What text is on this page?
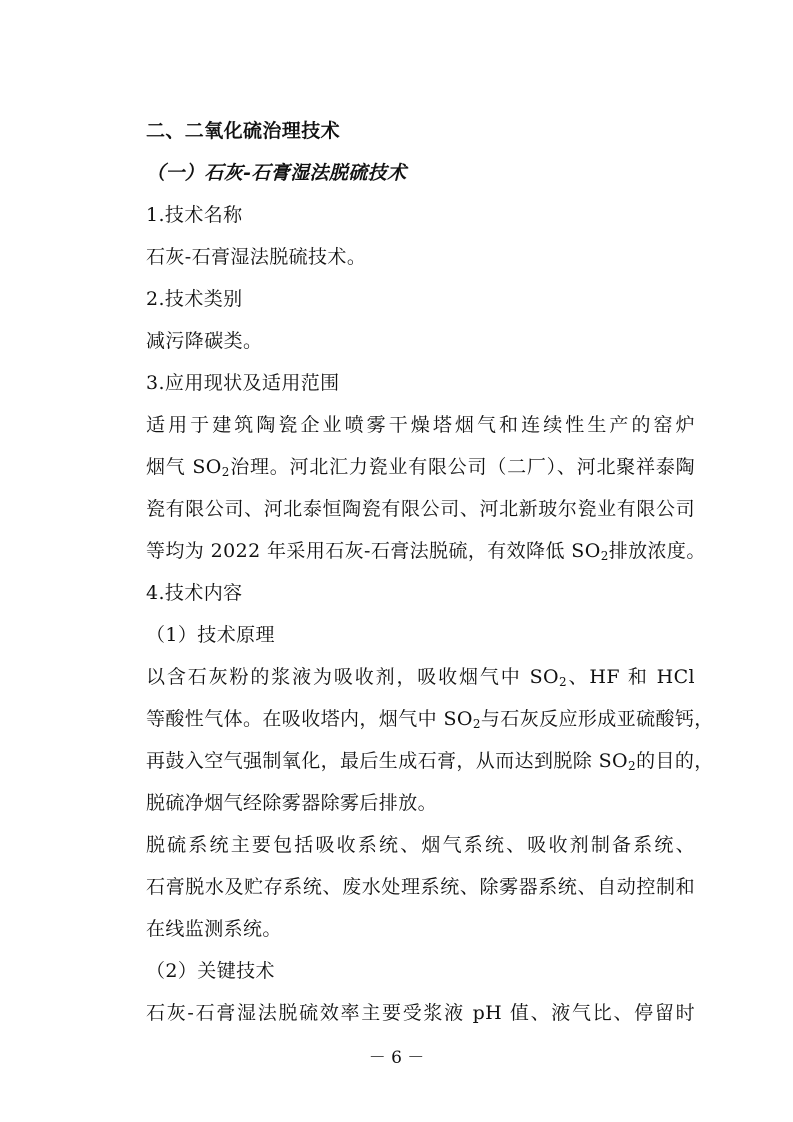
二、二氧化硫治理技术
（一）石灰-石膏湿法脱硫技术
1.技术名称
石灰-石膏湿法脱硫技术。
2.技术类别
减污降碳类。
3.应用现状及适用范围
适用于建筑陶瓷企业喷雾干燥塔烟气和连续性生产的窑炉
烟气 $SO_2$治理。河北汇力瓷业有限公司（二厂）、河北聚祥泰陶
瓷有限公司、河北泰恒陶瓷有限公司、河北新玻尔瓷业有限公司
等均为 2022 年采用石灰-石膏法脱硫，有效降低 $SO_2$排放浓度。
4.技术内容
（1）技术原理
以含石灰粉的浆液为吸收剂，吸收烟气中 $SO_2$、HF 和 HCl
等酸性气体。在吸收塔内，烟气中 $SO_2$与石灰反应形成亚硫酸钙，
再鼓入空气强制氧化，最后生成石膏，从而达到脱除 $SO_2$的目的，
脱硫净烟气经除雾器除雾后排放。
脱硫系统主要包括吸收系统、烟气系统、吸收剂制备系统、
石膏脱水及贮存系统、废水处理系统、除雾器系统、自动控制和
在线监测系统。
（2）关键技术
石灰-石膏湿法脱硫效率主要受浆液 pH 值、液气比、停留时
－ 6 －
